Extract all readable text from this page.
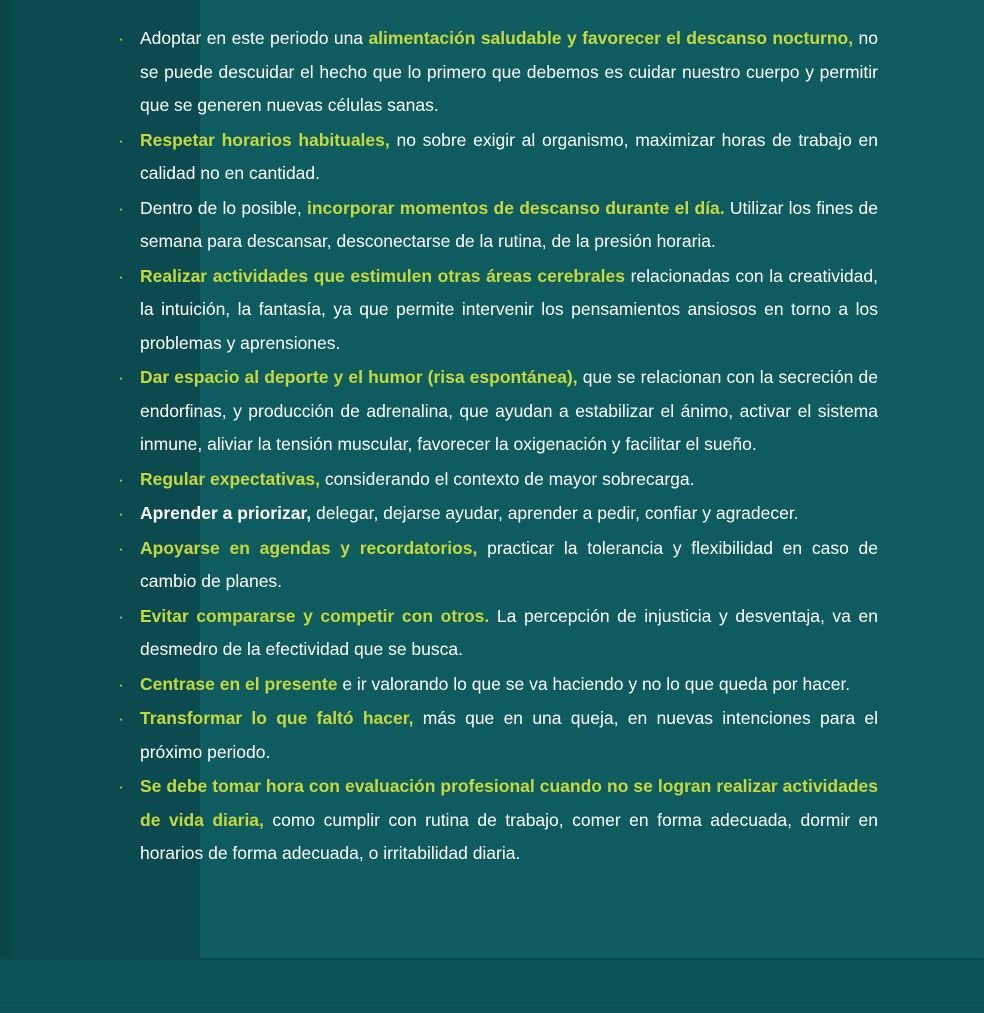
· Adoptar en este periodo una alimentación saludable y favorecer el descanso nocturno, no se puede descuidar el hecho que lo primero que debemos es cuidar nuestro cuerpo y permitir que se generen nuevas células sanas.
· Respetar horarios habituales, no sobre exigir al organismo, maximizar horas de trabajo en calidad no en cantidad.
· Dentro de lo posible, incorporar momentos de descanso durante el día. Utilizar los fines de semana para descansar, desconectarse de la rutina, de la presión horaria.
· Realizar actividades que estimulen otras áreas cerebrales relacionadas con la creatividad, la intuición, la fantasía, ya que permite intervenir los pensamientos ansiosos en torno a los problemas y aprensiones.
· Dar espacio al deporte y el humor (risa espontánea), que se relacionan con la secreción de endorfinas, y producción de adrenalina, que ayudan a estabilizar el ánimo, activar el sistema inmune, aliviar la tensión muscular, favorecer la oxigenación y facilitar el sueño.
· Regular expectativas, considerando el contexto de mayor sobrecarga.
· Aprender a priorizar, delegar, dejarse ayudar, aprender a pedir, confiar y agradecer.
· Apoyarse en agendas y recordatorios, practicar la tolerancia y flexibilidad en caso de cambio de planes.
· Evitar compararse y competir con otros. La percepción de injusticia y desventaja, va en desmedro de la efectividad que se busca.
· Centrase en el presente e ir valorando lo que se va haciendo y no lo que queda por hacer.
· Transformar lo que faltó hacer, más que en una queja, en nuevas intenciones para el próximo periodo.
· Se debe tomar hora con evaluación profesional cuando no se logran realizar actividades de vida diaria, como cumplir con rutina de trabajo, comer en forma adecuada, dormir en horarios de forma adecuada, o irritabilidad diaria.
